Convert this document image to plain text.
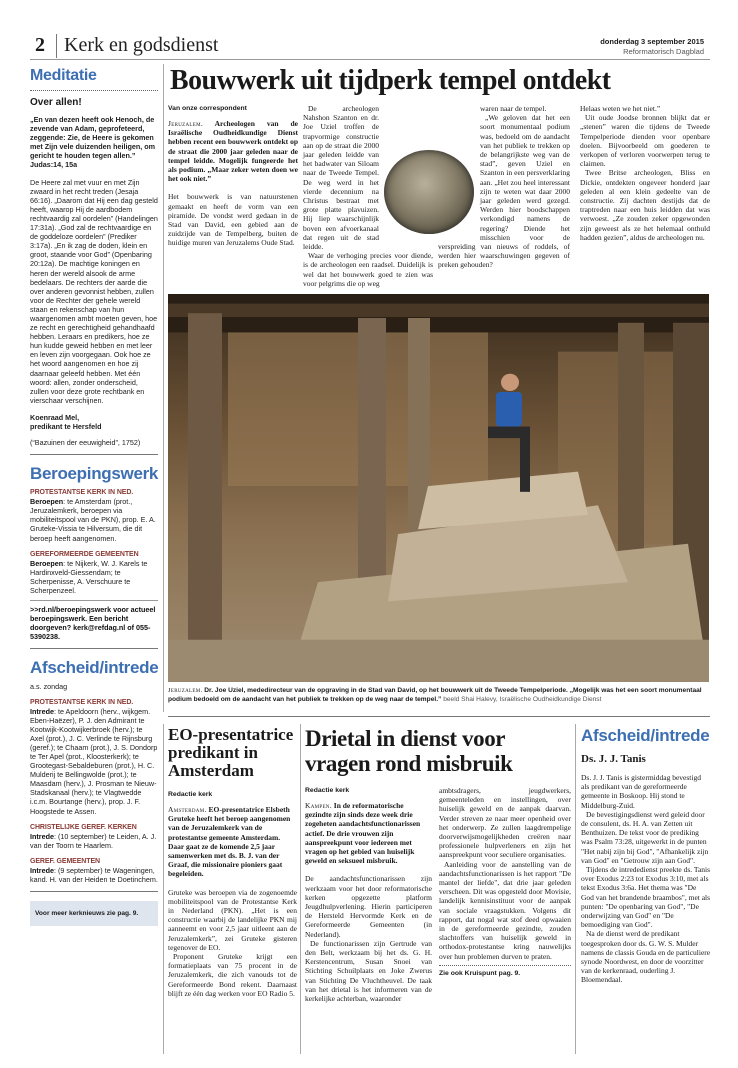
2 Kerk en godsdienst	donderdag 3 september 2015
Reformatorisch Dagblad
Meditatie
Over allen!
„En van dezen heeft ook Henoch, de zevende van Adam, geprofeteerd, zeggende: Zie, de Heere is gekomen met Zijn vele duizenden heiligen, om gericht te houden tegen allen.”
Judas:14, 15a
De Heere zal met vuur en met Zijn zwaard in het recht treden (Jesaja 66:16). „Daarom dat Hij een dag gesteld heeft, waarop Hij de aardbodem rechtvaardig zal oordelen” (Handelingen 17:31a). „God zal de rechtvaardige en de goddeloze oordelen” (Prediker 3:17a). „En ik zag de doden, klein en groot, staande voor God” (Openbaring 20:12a). De machtige koningen en heren der wereld alsook de arme bedelaars. De rechters der aarde die over anderen gevonnist hebben, zullen voor de Rechter der gehele wereld staan en rekenschap van hun waargenomen ambt moeten geven, hoe ze recht en gerechtigheid gehandhaafd hebben. Leraars en predikers, hoe ze hun kudde geweid hebben en met leer en leven zijn voorgegaan. Ook hoe ze het woord aangenomen en hoe zij daarnaar geleefd hebben. Met één woord: allen, zonder onderscheid, zullen voor deze grote rechtbank en vierschaar verschijnen.
Koenraad Mel,
predikant te Hersfeld
(“Bazuinen der eeuwigheid”, 1752)
Beroepingswerk
PROTESTANTSE KERK IN NED.
Beroepen: te Amsterdam (prot., Jeruzalemkerk, beroepen via mobiliteitspool van de PKN), prop. E. A. Gruteke-Vissia te Hilversum, die dit beroep heeft aangenomen.
GEREFORMEERDE GEMEENTEN
Beroepen: te Nijkerk, W. J. Karels te Hardinxveld-Giessendam; te Scherpenisse, A. Verschuure te Scherpenzeel.
>>rd.nl/beroepingswerk voor actueel beroepingswerk. Een bericht doorgeven? kerk@refdag.nl of 055-5390238.
Afscheid/intrede
a.s. zondag
PROTESTANTSE KERK IN NED.
Intrede: te Apeldoorn (herv., wijkgem. Eben-Haëzer), P. J. den Admirant te Kootwijk-Kootwijkerbroek (herv.); te Axel (prot.), J. C. Verlinde te Rijnsburg (geref.); te Chaam (prot.), J. S. Dondorp te Ter Apel (prot., Kloosterkerk); te Grootegast-Sebaldeburen (prot.), H. C. Mulderij te Bellingwolde (prot.); te Maasdam (herv.), J. Prosman te Nieuw-Stadskanaal (herv.); te Vlagtwedde i.c.m. Bourtange (herv.), prop. J. F. Hoogstede te Assen.
CHRISTELIJKE GEREF. KERKEN
Intrede: (10 september) te Leiden, A. J. van der Toorn te Haarlem.
GEREF. GEMEENTEN
Intrede: (9 september) te Wageningen, kand. H. van der Heiden te Doetinchem.
Voor meer kerknieuws zie pag. 9.
Bouwwerk uit tijdperk tempel ontdekt
Van onze correspondent

Jeruzalem. Archeologen van de Israëlische Oudheidkundige Dienst hebben recent een bouwwerk ontdekt op de straat die 2000 jaar geleden naar de tempel leidde. Mogelijk fungeerde het als podium. „Maar zeker weten doen we het ook niet.”

Het bouwwerk is van natuurstenen gemaakt en heeft de vorm van een piramide. De vondst werd gedaan in de Stad van David, een gebied aan de zuidzijde van de Tempelberg, buiten de huidige muren van Jeruzalems Oude Stad.

De archeologen Nahshon Szanton en dr. Joe Uziel troffen de trapvormige constructie aan op de straat die 2000 jaar geleden leidde van het badwater van Siloam naar de Tweede Tempel. De weg werd in het vierde decennium na Christus bestraat met grote platte plavuizen. Hij liep waarschijnlijk boven een afvoerkanaal dat regen uit de stad leidde.

Waar de verhoging precies voor diende, is de archeologen een raadsel. Duidelijk is wel dat het bouwwerk goed te zien was voor pelgrims die op weg

waren naar de tempel.

„We geloven dat het een soort monumentaal podium was, bedoeld om de aandacht van het publiek te trekken op de belangrijkste weg van de stad”, geven Uziel en Szanton in een persverklaring aan. „Het zou heel interessant zijn te weten wat daar 2000 jaar geleden werd gezegd. Werden hier boodschappen verkondigd namens de regering? Diende het misschien voor de verspreiding van nieuws of roddels, of werden hier waarschuwingen gegeven of preken gehouden?

Helaas weten we het niet.”

Uit oude Joodse bronnen blijkt dat er „stenen” waren die tijdens de Tweede Tempelperiode dienden voor openbare doelen. Bijvoorbeeld om goederen te verkopen of verloren voorwerpen terug te claimen.

Twee Britse archeologen, Bliss en Dickie, ontdekten ongeveer honderd jaar geleden al een klein gedeelte van de constructie. Zij dachten destijds dat de traptreden naar een huis leidden dat was verwoest. „Ze zouden zeker opgewonden zijn geweest als ze het helemaal onthuld hadden gezien”, aldus de archeologen nu.

Jeruzalem. Dr. Joe Uziel, mededirecteur van de opgraving in de Stad van David, op het bouwwerk uit de Tweede Tempelperiode. „Mogelijk was het een soort monumentaal podium bedoeld om de aandacht van het publiek te trekken op de weg naar de tempel.” beeld Shai Halevy, Israëlische Oudheidkundige Dienst
EO-presentatrice predikant in Amsterdam
Redactie kerk

Amsterdam. EO-presentatrice Elsbeth Gruteke heeft het beroep aangenomen van de Jeruzalemkerk van de protestantse gemeente Amsterdam. Daar gaat ze de komende 2,5 jaar samenwerken met ds. B. J. van der Graaf, die missionaire pioniers gaat begeleiden.

Gruteke was beroepen via de zogenoemde mobiliteitspool van de Protestantse Kerk in Nederland (PKN). „Het is een constructie waarbij de landelijke PKN mij aanneemt en voor 2,5 jaar uitleent aan de Jeruzalemkerk”, zei Gruteke gisteren tegenover de EO.

Proponent Gruteke krijgt een formatieplaats van 75 procent in de Jeruzalemkerk, die zich vanouds tot de Gereformeerde Bond rekent. Daarnaast blijft ze één dag werken voor EO Radio 5.

Drietal in dienst voor vragen rond misbruik
Redactie kerk

Kampen. In de reformatorische gezindte zijn sinds deze week drie zogeheten aandachtsfunctionarissen actief. De drie vrouwen zijn aanspreekpunt voor iedereen met vragen op het gebied van huiselijk geweld en seksueel misbruik.

De aandachtsfunctionarissen zijn werkzaam voor het door reformatorische kerken opgezette platform Jeugdhulpverlening. Hierin participeren de Hersteld Hervormde Kerk en de Gereformeerde Gemeenten (in Nederland).

De functionarissen zijn Gertrude van den Belt, werkzaam bij het ds. G. H. Kerstencentrum, Susan Snoei van Stichting Schuilplaats en Joke Zwerus van Stichting De Vluchtheuvel. De taak van het drietal is het informeren van de kerkelijke achterban, waaronder

ambtsdragers, jeugdwerkers, gemeenteleden en instellingen, over huiselijk geweld en de aanpak daarvan. Verder streven ze naar meer openheid over het onderwerp. Ze zullen laagdrempelige doorverwijsmogelijkheden creëren naar professionele hulpverleners en zijn het aanspreekpunt voor seculiere organisaties.

Aanleiding voor de aanstelling van de aandachtsfunctionarissen is het rapport "De mantel der liefde", dat drie jaar geleden verscheen. Dit was opgesteld door Movisie, landelijk kennisinstituut voor de aanpak van sociale vraagstukken. Volgens dit rapport, dat nogal wat stof deed opwaaien in de gereformeerde gezindte, zouden slachtoffers van huiselijk geweld in orthodox-protestantse kring nauwelijks over hun problemen durven te praten.

Zie ook Kruispunt pag. 9.
Afscheid/intrede
Ds. J. J. Tanis

Ds. J. J. Tanis is gistermiddag bevestigd als predikant van de gereformeerde gemeente in Boskoop. Hij stond te Middelburg-Zuid.

De bevestigingsdienst werd geleid door de consulent, ds. H. A. van Zetten uit Benthuizen. De tekst voor de prediking was Psalm 73:28, uitgewerkt in de punten "Het nabij zijn bij God", "Afhankelijk zijn van God" en "Getrouw zijn aan God".

Tijdens de intrededienst preekte ds. Tanis over Exodus 2:23 tot Exodus 3:10, met als tekst Exodus 3:6a. Het thema was "De God van het brandende braambos", met als punten: "De openbaring van God", "De onderwijzing van God" en "De bemoediging van God".

Na de dienst werd de predikant toegesproken door ds. G. W. S. Mulder namens de classis Gouda en de particuliere synode Noordwest, en door de voorzitter van de kerkenraad, ouderling J. Bloemendaal.
